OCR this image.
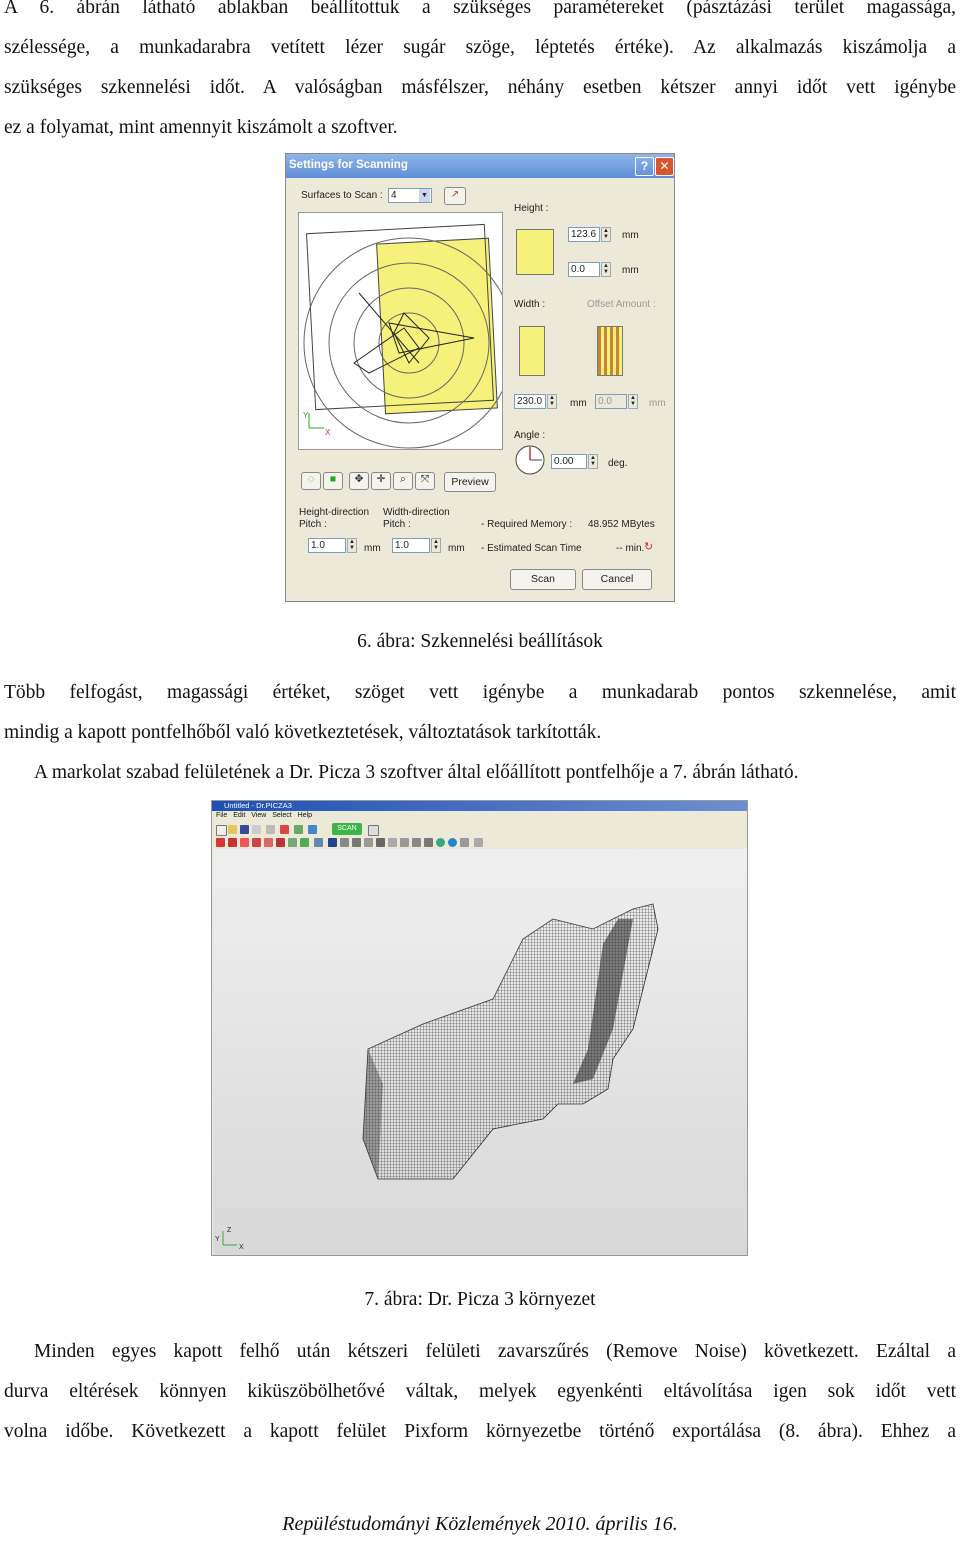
A 6. ábrán látható ablakban beállítottuk a szükséges paramétereket (pásztázási terület magassága,
szélessége, a munkadarabra vetített lézer sugár szöge, léptetés értéke). Az alkalmazás kiszámolja a
szükséges szkennelési időt. A valóságban másfélszer, néhány esetben kétszer annyi időt vett igénybe
ez a folyamat, mint amennyit kiszámolt a szoftver.
Settings for Scanning	? ✕
Surfaces to Scan : 4	▼	↗
Y
X
Height :
123.6	▲
▼ mm
0.0	▲
▼ mm
Width :	Offset Amount :
230.0	▲
▼ mm	0.0	▲
▼ mm
Angle :
0.00	▲
▼ deg.
◌	■	✥	✛	⌕	⤧	Preview
Height-direction
Pitch :
Width-direction
Pitch :
1.0	▲
▼ mm	1.0	▲
▼ mm
- Required Memory : 48.952 MBytes
- Estimated Scan Time	-- min. ↻
Scan	Cancel
6. ábra: Szkennelési beállítások
Több felfogást, magassági értéket, szöget vett igénybe a munkadarab pontos szkennelése, amit
mindig a kapott pontfelhőből való következtetések, változtatások tarkították.
A markolat szabad felületének a Dr. Picza 3 szoftver által előállított pontfelhője a 7. ábrán látható.
Untitled - Dr.PICZA3
File Edit View Select Help
SCAN
Z
Y
X
7. ábra: Dr. Picza 3 környezet
Minden egyes kapott felhő után kétszeri felületi zavarszűrés (Remove Noise) következett. Ezáltal a
durva eltérések könnyen kiküszöbölhetővé váltak, melyek egyenkénti eltávolítása igen sok időt vett
volna időbe. Következett a kapott felület Pixform környezetbe történő exportálása (8. ábra). Ehhez a
Repüléstudományi Közlemények 2010. április 16.
